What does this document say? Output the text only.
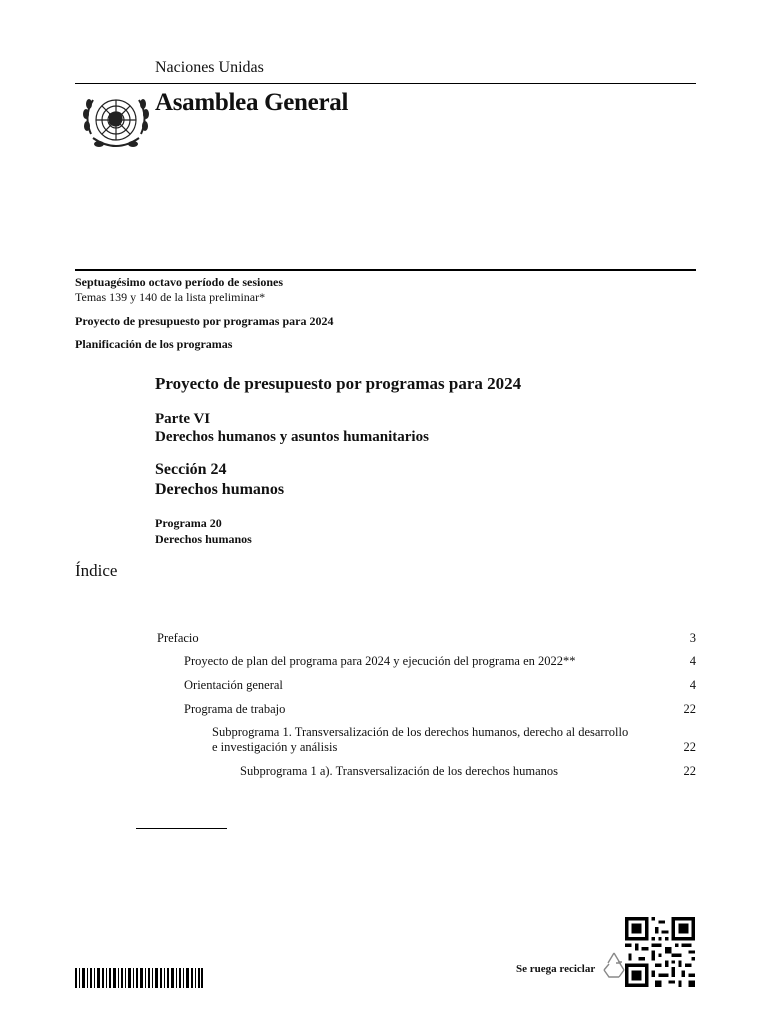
Naciones Unidas
Asamblea General
Septuagésimo octavo período de sesiones
Temas 139 y 140 de la lista preliminar*
Proyecto de presupuesto por programas para 2024
Planificación de los programas
Proyecto de presupuesto por programas para 2024
Parte VI
Derechos humanos y asuntos humanitarios
Sección 24
Derechos humanos
Programa 20
Derechos humanos
Índice
Prefacio	3
Proyecto de plan del programa para 2024 y ejecución del programa en 2022**	4
Orientación general	4
Programa de trabajo	22
Subprograma 1. Transversalización de los derechos humanos, derecho al desarrollo
e investigación y análisis	22
Subprograma 1 a). Transversalización de los derechos humanos	22
Se ruega reciclar
